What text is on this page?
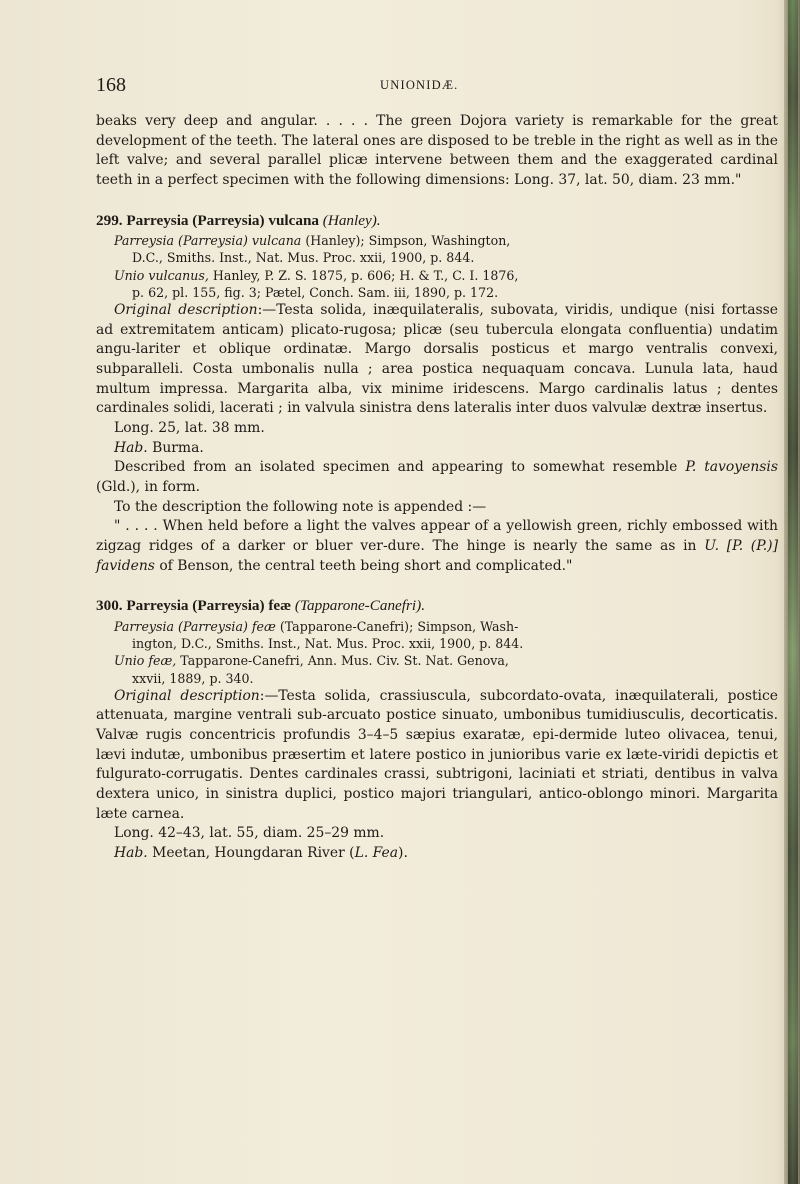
168	UNIONIDÆ.

beaks very deep and angular. . . . . The green Dojora variety is remarkable for the great development of the teeth. The lateral ones are disposed to be treble in the right as well as in the left valve; and several parallel plicæ intervene between them and the exaggerated cardinal teeth in a perfect specimen with the following dimensions: Long. 37, lat. 50, diam. 23 mm."

299. Parreysia (Parreysia) vulcana (Hanley).

Parreysia (Parreysia) vulcana (Hanley); Simpson, Washington,

D.C., Smiths. Inst., Nat. Mus. Proc. xxii, 1900, p. 844.

Unio vulcanus, Hanley, P. Z. S. 1875, p. 606; H. & T., C. I. 1876,

p. 62, pl. 155, fig. 3; Pætel, Conch. Sam. iii, 1890, p. 172.

Original description:—Testa solida, inæquilateralis, subovata, viridis, undique (nisi fortasse ad extremitatem anticam) plicato-rugosa; plicæ (seu tubercula elongata confluentia) undatim angu-lariter et oblique ordinatæ. Margo dorsalis posticus et margo ventralis convexi, subparalleli. Costa umbonalis nulla ; area postica nequaquam concava. Lunula lata, haud multum impressa. Margarita alba, vix minime iridescens. Margo cardinalis latus ; dentes cardinales solidi, lacerati ; in valvula sinistra dens lateralis inter duos valvulæ dextræ insertus.

Long. 25, lat. 38 mm.

Hab. Burma.

Described from an isolated specimen and appearing to somewhat resemble P. tavoyensis (Gld.), in form.

To the description the following note is appended :—

" . . . . When held before a light the valves appear of a yellowish green, richly embossed with zigzag ridges of a darker or bluer ver-dure. The hinge is nearly the same as in U. [P. (P.)] favidens of Benson, the central teeth being short and complicated."

300. Parreysia (Parreysia) feæ (Tapparone-Canefri).

Parreysia (Parreysia) feæ (Tapparone-Canefri); Simpson, Wash-

ington, D.C., Smiths. Inst., Nat. Mus. Proc. xxii, 1900, p. 844.

Unio feæ, Tapparone-Canefri, Ann. Mus. Civ. St. Nat. Genova,

xxvii, 1889, p. 340.

Original description:—Testa solida, crassiuscula, subcordato-ovata, inæquilaterali, postice attenuata, margine ventrali sub-arcuato postice sinuato, umbonibus tumidiusculis, decorticatis. Valvæ rugis concentricis profundis 3–4–5 sæpius exaratæ, epi-dermide luteo olivacea, tenui, lævi indutæ, umbonibus præsertim et latere postico in junioribus varie ex læte-viridi depictis et fulgurato-corrugatis. Dentes cardinales crassi, subtrigoni, laciniati et striati, dentibus in valva dextera unico, in sinistra duplici, postico majori triangulari, antico-oblongo minori. Margarita læte carnea.

Long. 42–43, lat. 55, diam. 25–29 mm.

Hab. Meetan, Houngdaran River (L. Fea).
